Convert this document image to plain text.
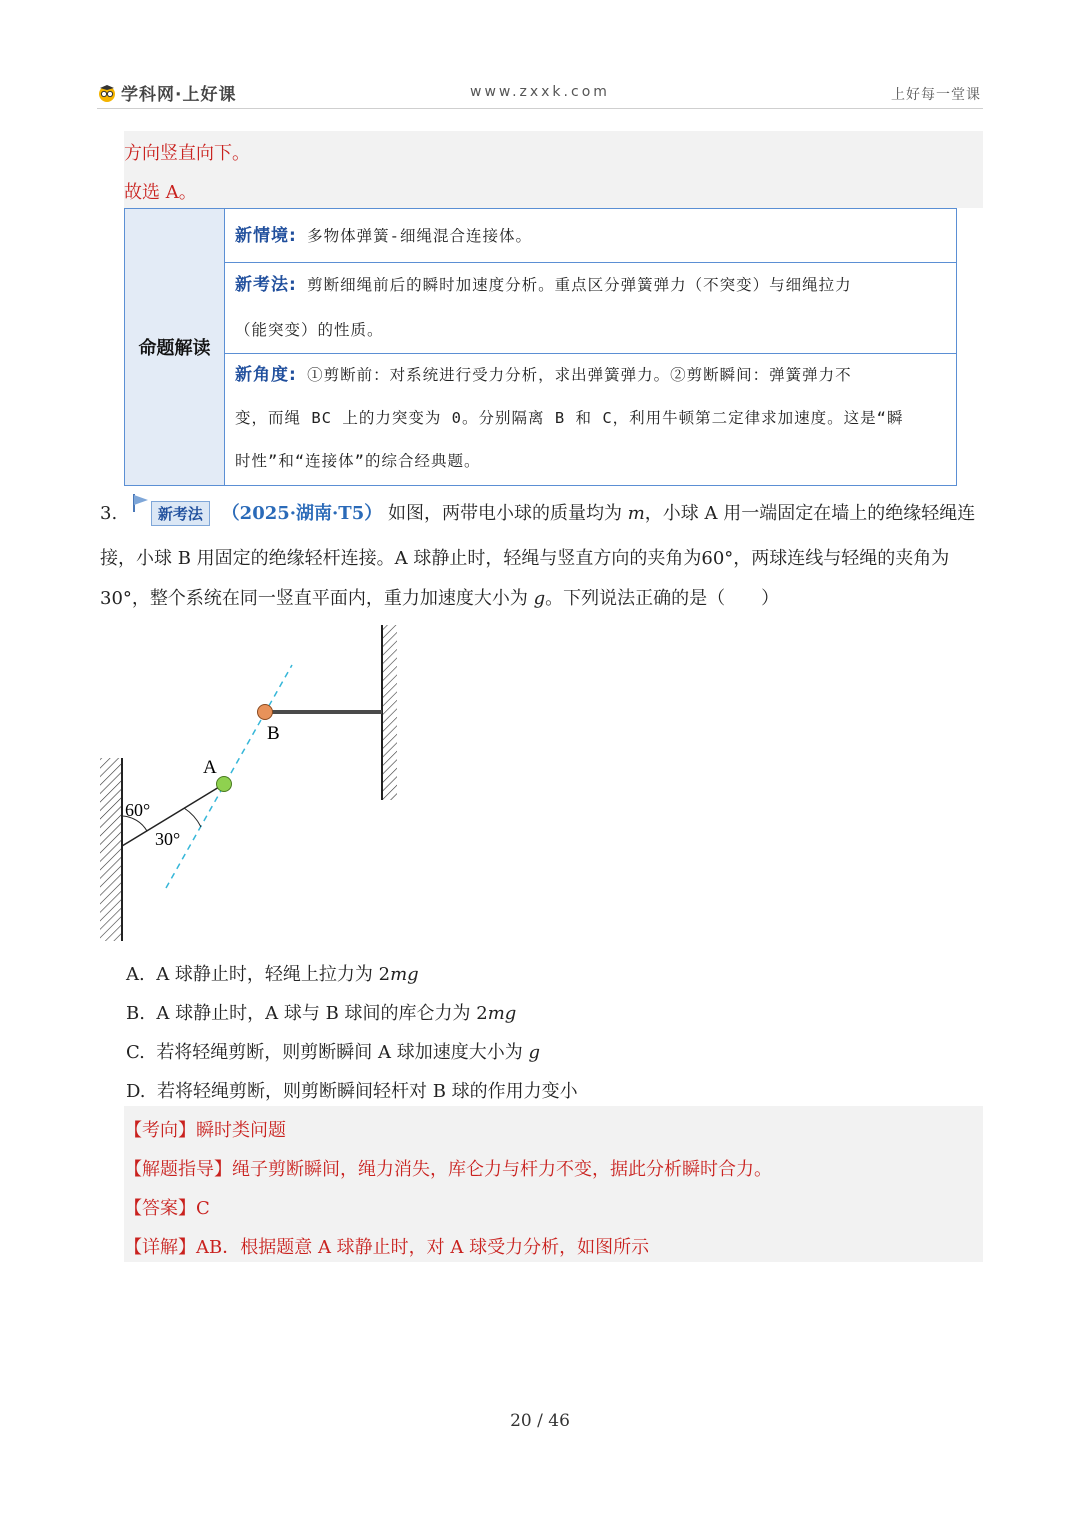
学科网·上好课	www.zxxk.com	上好每一堂课
方向竖直向下。
故选 A。
命题解读
新情境: 多物体弹簧-细绳混合连接体。
新考法: 剪断细绳前后的瞬时加速度分析。重点区分弹簧弹力（不突变）与细绳拉力
（能突变）的性质。
新角度: ①剪断前：对系统进行受力分析，求出弹簧弹力。②剪断瞬间：弹簧弹力不
变，而绳 BC 上的力突变为 0。分别隔离 B 和 C，利用牛顿第二定律求加速度。这是“瞬
时性”和“连接体”的综合经典题。
3.	新考法 （2025·湖南·T5） 如图，两带电小球的质量均为 m，小球 A 用一端固定在墙上的绝缘轻绳连
接，小球 B 用固定的绝缘轻杆连接。A 球静止时，轻绳与竖直方向的夹角为60°，两球连线与轻绳的夹角为
30°，整个系统在同一竖直平面内，重力加速度大小为 g。下列说法正确的是（　　）
B
A
60°
30°
A. A 球静止时，轻绳上拉力为 2mg
B. A 球静止时，A 球与 B 球间的库仑力为 2mg
C. 若将轻绳剪断，则剪断瞬间 A 球加速度大小为 g
D. 若将轻绳剪断，则剪断瞬间轻杆对 B 球的作用力变小
【考向】瞬时类问题
【解题指导】绳子剪断瞬间，绳力消失，库仑力与杆力不变，据此分析瞬时合力。
【答案】C
【详解】AB．根据题意 A 球静止时，对 A 球受力分析，如图所示
20 / 46
